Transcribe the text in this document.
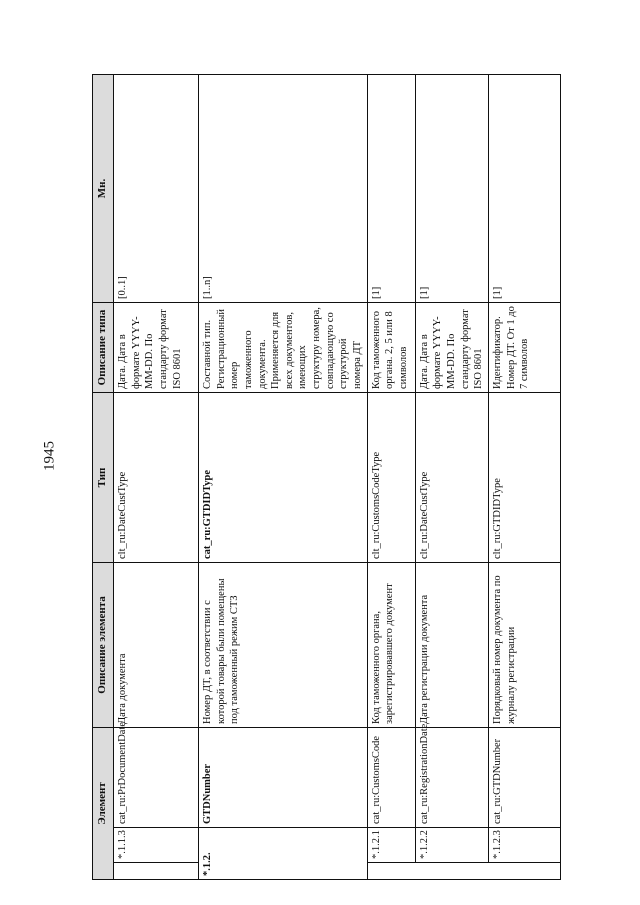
1945
Элемент			Описание элемента	Тип	Описание типа	Мн.
	*.1.1.3	cat_ru:PrDocumentDate	Дата документа	clt_ru:DateCustType	Дата. Дата в формате YYYY-MM-DD. По стандарту формат ISO 8601	[0..1]
*.1.2.		GTDNumber	Номер ДТ, в соответствии с которой товары были помещены под таможенный режим СТЗ	cat_ru:GTDIDType	Составной тип. Регистрационный номер таможенного документа. Применяется для всех документов, имеющих структуру номера, совпадающую со структурой номера ДТ	[1..n]
	*.1.2.1	cat_ru:CustomsCode	Код таможенного органа, зарегистрировавшего документ	clt_ru:CustomsCodeType	Код таможенного органа. 2, 5 или 8 символов	[1]
	*.1.2.2	cat_ru:RegistrationDate	Дата регистрации документа	clt_ru:DateCustType	Дата. Дата в формате YYYY-MM-DD. По стандарту формат ISO 8601	[1]
	*.1.2.3	cat_ru:GTDNumber	Порядковый номер документа по журналу регистрации	clt_ru:GTDIDType	Идентификатор. Номер ДТ. От 1 до 7 символов	[1]
